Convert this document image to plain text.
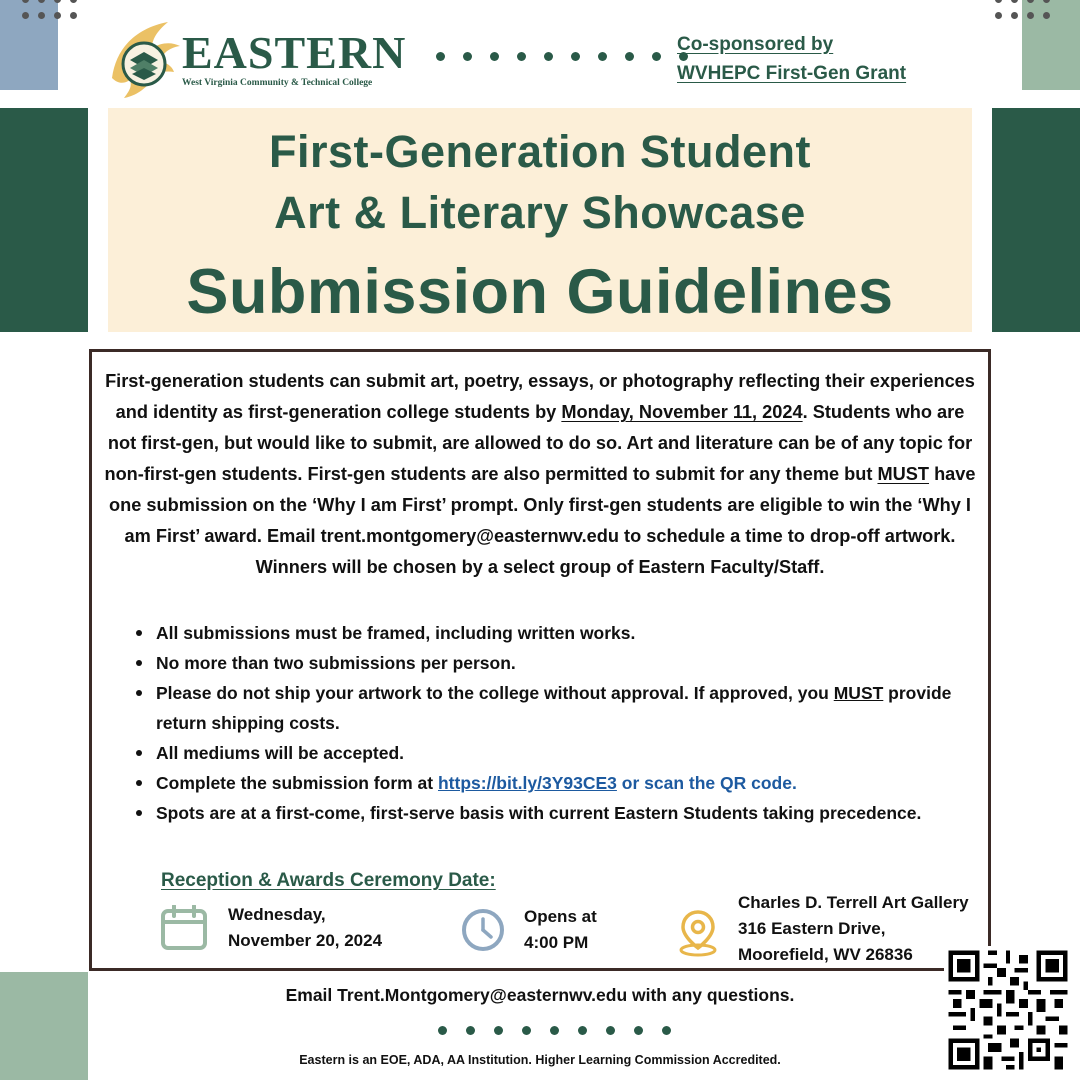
EASTERN
West Virginia Community & Technical College
Co-sponsored by
WVHEPC First-Gen Grant
First-Generation Student
Art & Literary Showcase
Submission Guidelines

First-generation students can submit art, poetry, essays, or photography reflecting their experiences and identity as first-generation college students by Monday, November 11, 2024. Students who are not first-gen, but would like to submit, are allowed to do so. Art and literature can be of any topic for non-first-gen students. First-gen students are also permitted to submit for any theme but MUST have one submission on the ‘Why I am First’ prompt. Only first-gen students are eligible to win the ‘Why I am First’ award. Email trent.montgomery@easternwv.edu to schedule a time to drop-off artwork. Winners will be chosen by a select group of Eastern Faculty/Staff.

All submissions must be framed, including written works.
No more than two submissions per person.
Please do not ship your artwork to the college without approval. If approved, you MUST provide return shipping costs.
All mediums will be accepted.
Complete the submission form at https://bit.ly/3Y93CE3 or scan the QR code.
Spots are at a first-come, first-serve basis with current Eastern Students taking precedence.
Reception & Awards Ceremony Date:
Wednesday,
November 20, 2024
Opens at
4:00 PM
Charles D. Terrell Art Gallery
316 Eastern Drive,
Moorefield, WV 26836
Email Trent.Montgomery@easternwv.edu with any questions.
Eastern is an EOE, ADA, AA Institution. Higher Learning Commission Accredited.
